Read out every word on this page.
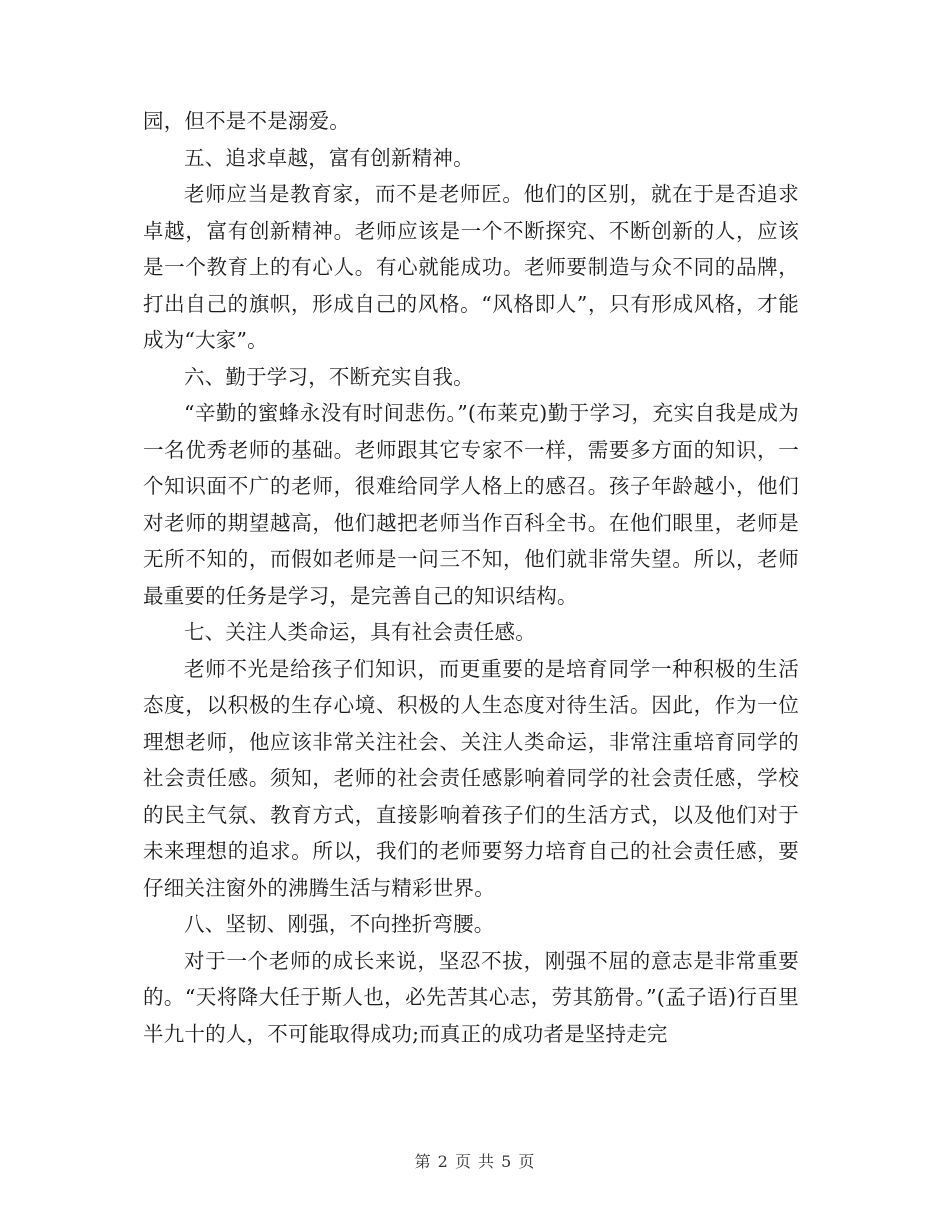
园，但不是不是溺爱。

五、追求卓越，富有创新精神。

老师应当是教育家，而不是老师匠。他们的区别，就在于是否追求卓越，富有创新精神。老师应该是一个不断探究、不断创新的人，应该是一个教育上的有心人。有心就能成功。老师要制造与众不同的品牌，打出自己的旗帜，形成自己的风格。“风格即人”，只有形成风格，才能成为“大家”。

六、勤于学习，不断充实自我。

“辛勤的蜜蜂永没有时间悲伤。”(布莱克)勤于学习，充实自我是成为一名优秀老师的基础。老师跟其它专家不一样，需要多方面的知识，一个知识面不广的老师，很难给同学人格上的感召。孩子年龄越小，他们对老师的期望越高，他们越把老师当作百科全书。在他们眼里，老师是无所不知的，而假如老师是一问三不知，他们就非常失望。所以，老师最重要的任务是学习，是完善自己的知识结构。

七、关注人类命运，具有社会责任感。

老师不光是给孩子们知识，而更重要的是培育同学一种积极的生活态度，以积极的生存心境、积极的人生态度对待生活。因此，作为一位理想老师，他应该非常关注社会、关注人类命运，非常注重培育同学的社会责任感。须知，老师的社会责任感影响着同学的社会责任感，学校的民主气氛、教育方式，直接影响着孩子们的生活方式，以及他们对于未来理想的追求。所以，我们的老师要努力培育自己的社会责任感，要仔细关注窗外的沸腾生活与精彩世界。

八、坚韧、刚强，不向挫折弯腰。

对于一个老师的成长来说，坚忍不拔，刚强不屈的意志是非常重要的。“天将降大任于斯人也，必先苦其心志，劳其筋骨。”(孟子语)行百里半九十的人，不可能取得成功;而真正的成功者是坚持走完

第 2 页 共 5 页
